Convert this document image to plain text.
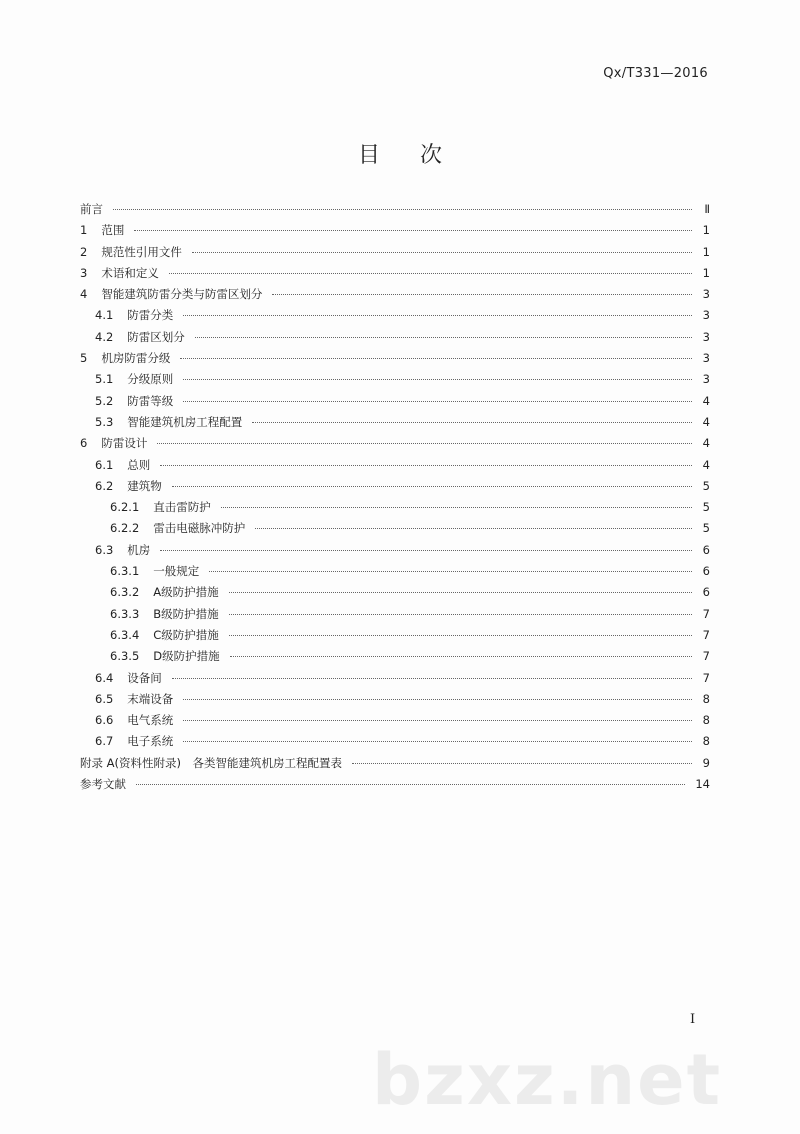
Qx/T331—2016
目次
前言	Ⅱ
1 范围	1
2 规范性引用文件	1
3 术语和定义	1
4 智能建筑防雷分类与防雷区划分	3
4.1 防雷分类	3
4.2 防雷区划分	3
5 机房防雷分级	3
5.1 分级原则	3
5.2 防雷等级	4
5.3 智能建筑机房工程配置	4
6 防雷设计	4
6.1 总则	4
6.2 建筑物	5
6.2.1 直击雷防护	5
6.2.2 雷击电磁脉冲防护	5
6.3 机房	6
6.3.1 一般规定	6
6.3.2 A级防护措施	6
6.3.3 B级防护措施	7
6.3.4 C级防护措施	7
6.3.5 D级防护措施	7
6.4 设备间	7
6.5 末端设备	8
6.6 电气系统	8
6.7 电子系统	8
附录 A(资料性附录)　各类智能建筑机房工程配置表	9
参考文献	14
I
bzxz.net
